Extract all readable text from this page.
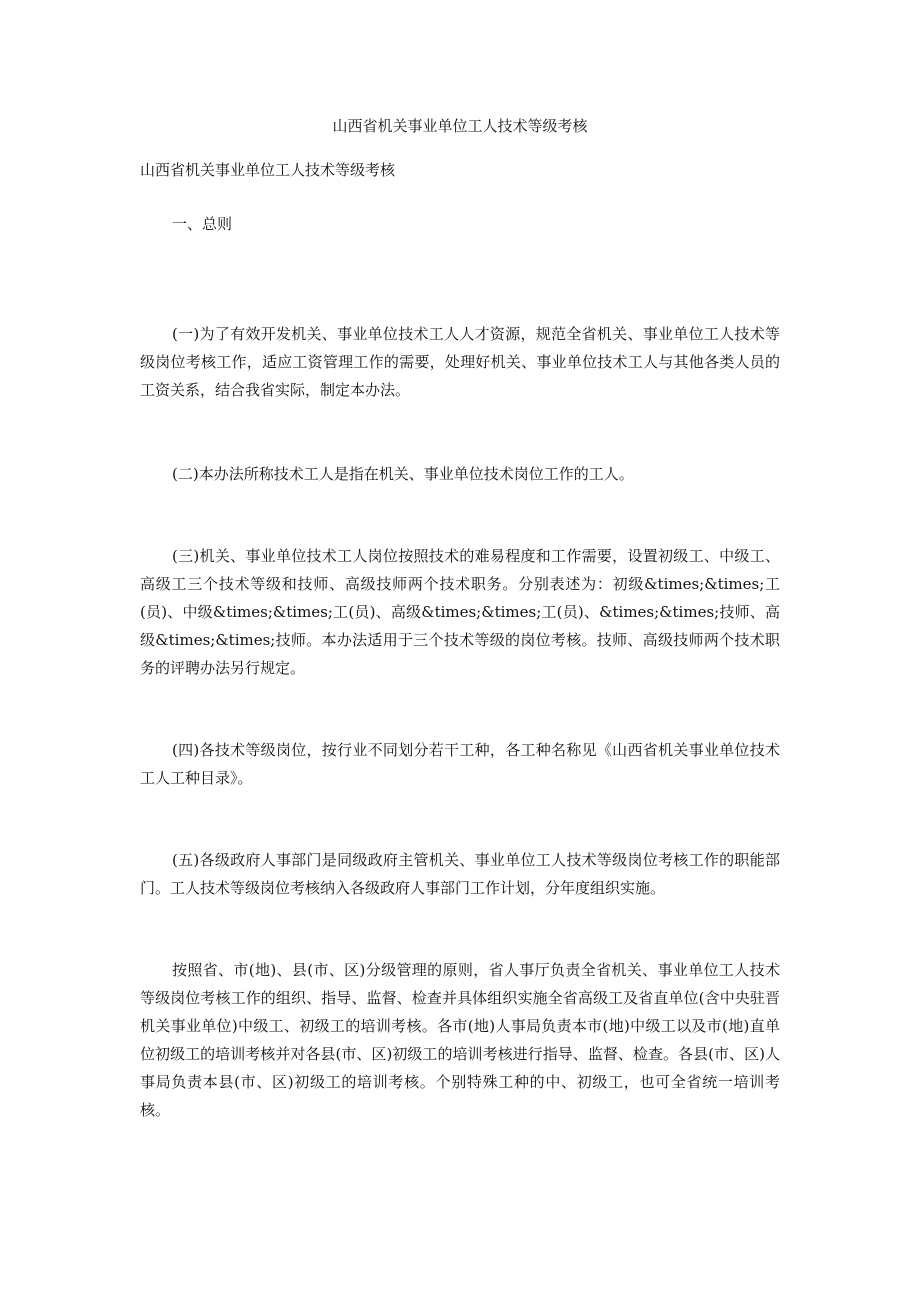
山西省机关事业单位工人技术等级考核

山西省机关事业单位工人技术等级考核

一、总则

(一)为了有效开发机关、事业单位技术工人人才资源，规范全省机关、事业单位工人技术等级岗位考核工作，适应工资管理工作的需要，处理好机关、事业单位技术工人与其他各类人员的工资关系，结合我省实际，制定本办法。

(二)本办法所称技术工人是指在机关、事业单位技术岗位工作的工人。

(三)机关、事业单位技术工人岗位按照技术的难易程度和工作需要，设置初级工、中级工、高级工三个技术等级和技师、高级技师两个技术职务。分别表述为：初级&times;&times;工(员)、中级&times;&times;工(员)、高级&times;&times;工(员)、&times;&times;技师、高级&times;&times;技师。本办法适用于三个技术等级的岗位考核。技师、高级技师两个技术职务的评聘办法另行规定。

(四)各技术等级岗位，按行业不同划分若干工种，各工种名称见《山西省机关事业单位技术工人工种目录》。

(五)各级政府人事部门是同级政府主管机关、事业单位工人技术等级岗位考核工作的职能部门。工人技术等级岗位考核纳入各级政府人事部门工作计划，分年度组织实施。

按照省、市(地)、县(市、区)分级管理的原则，省人事厅负责全省机关、事业单位工人技术等级岗位考核工作的组织、指导、监督、检查并具体组织实施全省高级工及省直单位(含中央驻晋机关事业单位)中级工、初级工的培训考核。各市(地)人事局负责本市(地)中级工以及市(地)直单位初级工的培训考核并对各县(市、区)初级工的培训考核进行指导、监督、检查。各县(市、区)人事局负责本县(市、区)初级工的培训考核。个别特殊工种的中、初级工，也可全省统一培训考核。
